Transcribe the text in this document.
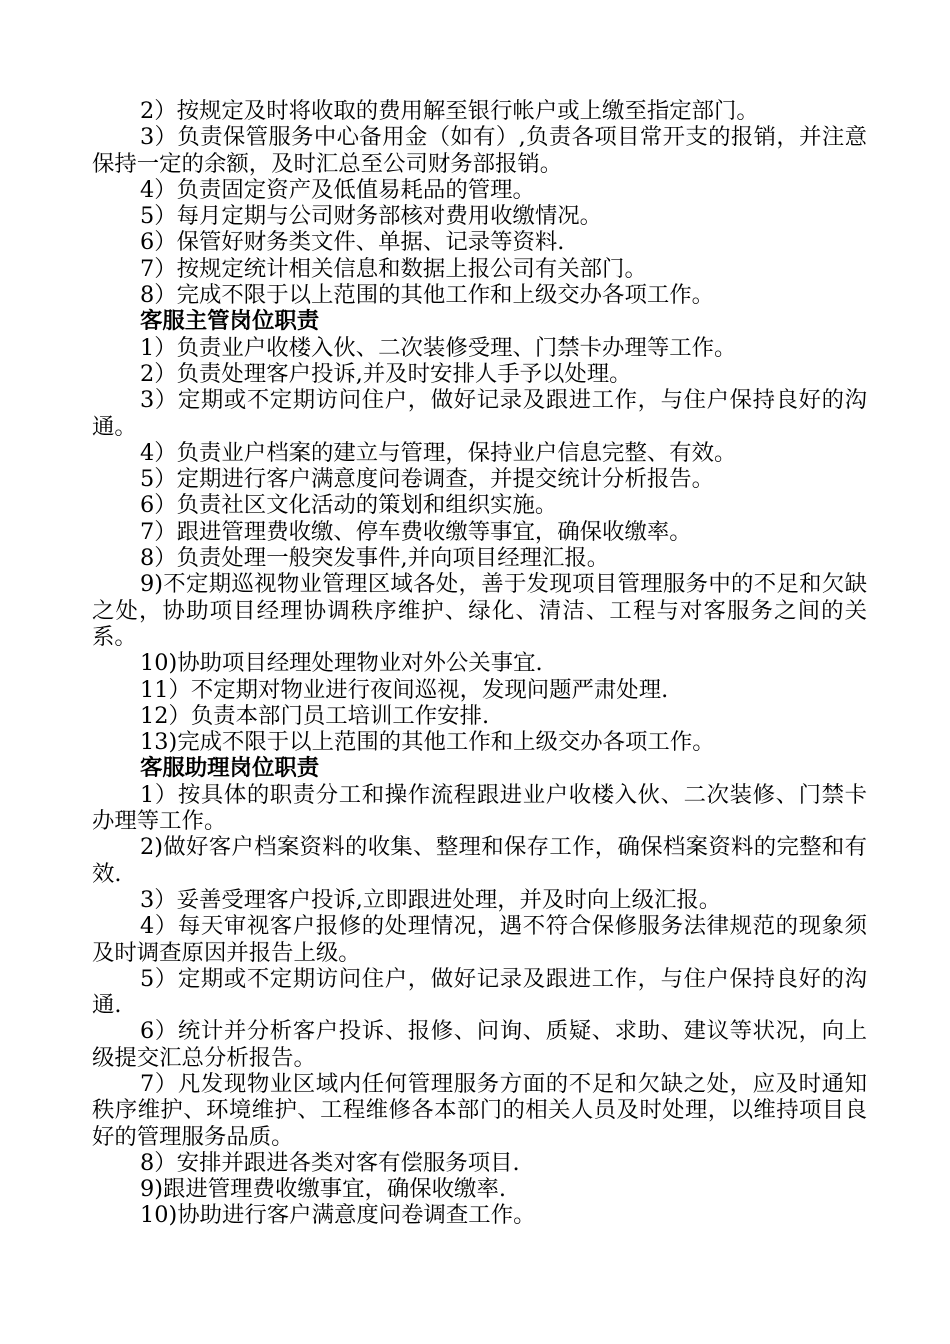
2）按规定及时将收取的费用解至银行帐户或上缴至指定部门。

3）负责保管服务中心备用金（如有）,负责各项目常开支的报销，并注意保持一定的余额，及时汇总至公司财务部报销。

4）负责固定资产及低值易耗品的管理。

5）每月定期与公司财务部核对费用收缴情况。

6）保管好财务类文件、单据、记录等资料.

7）按规定统计相关信息和数据上报公司有关部门。

8）完成不限于以上范围的其他工作和上级交办各项工作。

客服主管岗位职责

1）负责业户收楼入伙、二次装修受理、门禁卡办理等工作。

2）负责处理客户投诉,并及时安排人手予以处理。

3）定期或不定期访问住户，做好记录及跟进工作，与住户保持良好的沟通。

4）负责业户档案的建立与管理，保持业户信息完整、有效。

5）定期进行客户满意度问卷调查，并提交统计分析报告。

6）负责社区文化活动的策划和组织实施。

7）跟进管理费收缴、停车费收缴等事宜，确保收缴率。

8）负责处理一般突发事件,并向项目经理汇报。

9)不定期巡视物业管理区域各处，善于发现项目管理服务中的不足和欠缺之处，协助项目经理协调秩序维护、绿化、清洁、工程与对客服务之间的关系。

10)协助项目经理处理物业对外公关事宜.

11）不定期对物业进行夜间巡视，发现问题严肃处理.

12）负责本部门员工培训工作安排.

13)完成不限于以上范围的其他工作和上级交办各项工作。

客服助理岗位职责

1）按具体的职责分工和操作流程跟进业户收楼入伙、二次装修、门禁卡办理等工作。

2)做好客户档案资料的收集、整理和保存工作，确保档案资料的完整和有效.

3）妥善受理客户投诉,立即跟进处理，并及时向上级汇报。

4）每天审视客户报修的处理情况，遇不符合保修服务法律规范的现象须及时调查原因并报告上级。

5）定期或不定期访问住户，做好记录及跟进工作，与住户保持良好的沟通.

6）统计并分析客户投诉、报修、问询、质疑、求助、建议等状况，向上级提交汇总分析报告。

7）凡发现物业区域内任何管理服务方面的不足和欠缺之处，应及时通知秩序维护、环境维护、工程维修各本部门的相关人员及时处理，以维持项目良好的管理服务品质。

8）安排并跟进各类对客有偿服务项目.

9)跟进管理费收缴事宜，确保收缴率.

10)协助进行客户满意度问卷调查工作。
